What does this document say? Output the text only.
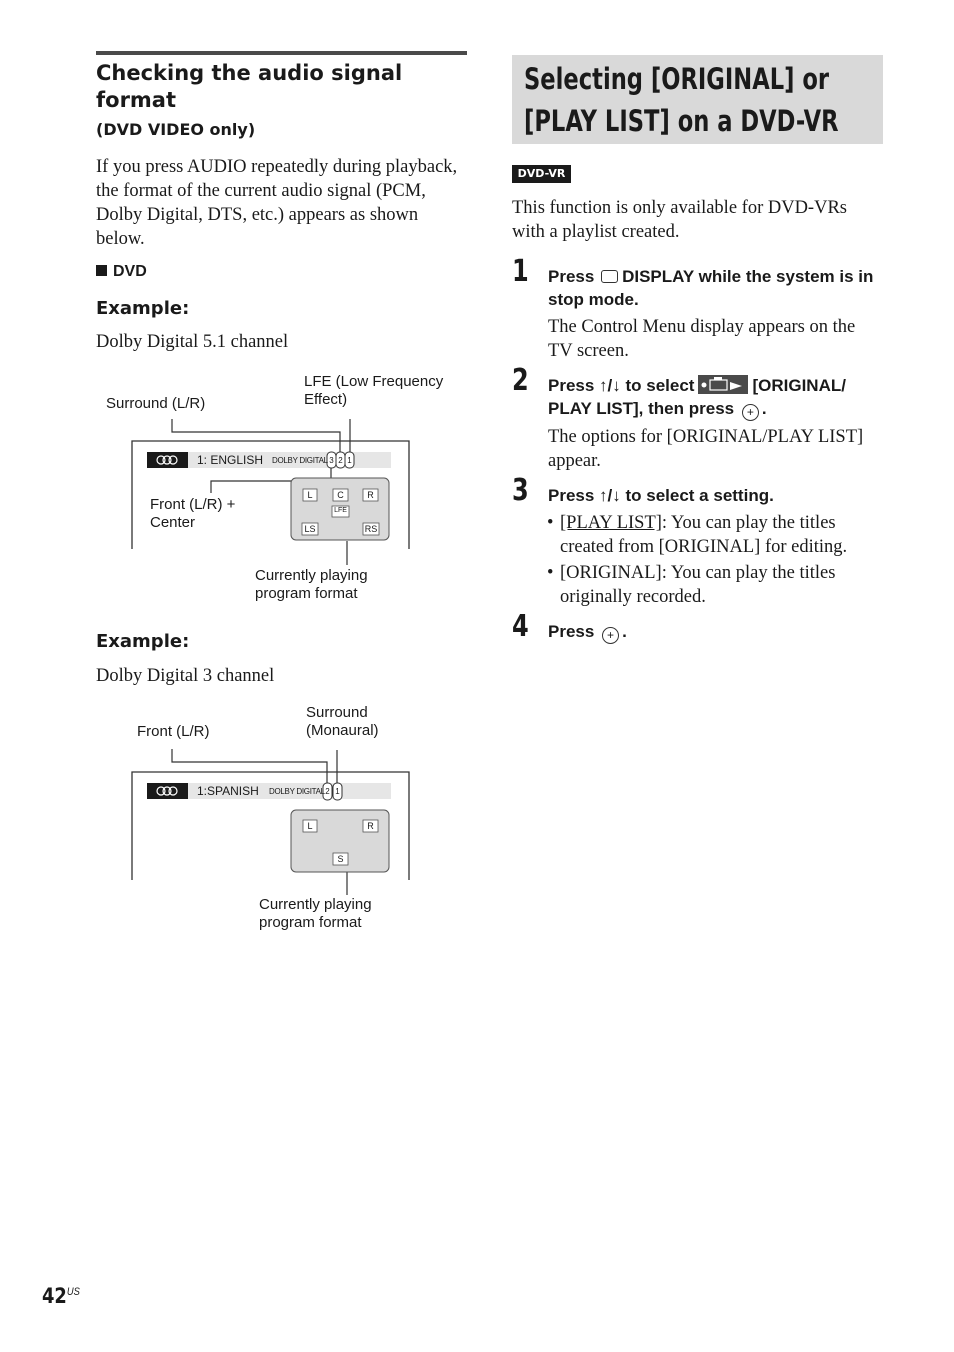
Checking the audio signal format
(DVD VIDEO only)
If you press AUDIO repeatedly during playback, the format of the current audio signal (PCM, Dolby Digital, DTS, etc.) appears as shown below.
DVD
Example:
Dolby Digital 5.1 channel
Surround (L/R)
LFE (Low Frequency Effect)
Front (L/R) + Center
Currently playing program format
1: ENGLISH DOLBY DIGITAL 3 2 1
L	C	R
LFE
LS	RS
Example:
Dolby Digital 3 channel
Front (L/R)
Surround (Monaural)
Currently playing program format
1:SPANISH DOLBY DIGITAL 2 1
L	R
S
Selecting [ORIGINAL] or
[PLAY LIST] on a DVD-VR
DVD-VR
This function is only available for DVD-VRs with a playlist created.
1 Press DISPLAY while the system is in stop mode.
The Control Menu display appears on the TV screen.
2 Press ↑/↓ to select	[ORIGINAL/
PLAY LIST], then press + .
The options for [ORIGINAL/PLAY LIST] appear.
3 Press ↑/↓ to select a setting.
• [PLAY LIST]: You can play the titles created from [ORIGINAL] for editing.
• [ORIGINAL]: You can play the titles originally recorded.
4 Press + .
$42^{US}$
